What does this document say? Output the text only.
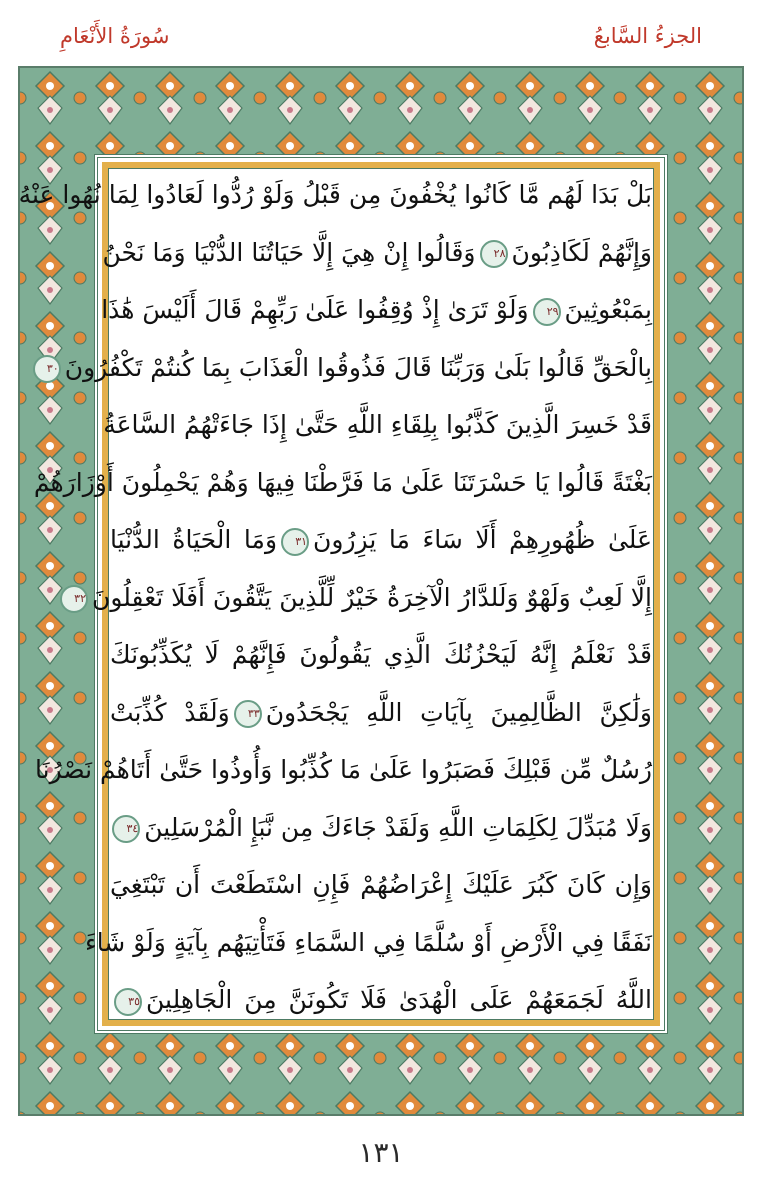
الجزءُ السَّابعُ
سُورَةُ الأَنْعَامِ
بَلْ بَدَا لَهُم مَّا كَانُوا يُخْفُونَ مِن قَبْلُ وَلَوْ رُدُّوا لَعَادُوا لِمَا نُهُوا عَنْهُ
وَإِنَّهُمْ لَكَاذِبُونَ٢٨وَقَالُوا إِنْ هِيَ إِلَّا حَيَاتُنَا الدُّنْيَا وَمَا نَحْنُ
بِمَبْعُوثِينَ٢٩وَلَوْ تَرَىٰ إِذْ وُقِفُوا عَلَىٰ رَبِّهِمْ قَالَ أَلَيْسَ هَٰذَا
بِالْحَقِّ قَالُوا بَلَىٰ وَرَبِّنَا قَالَ فَذُوقُوا الْعَذَابَ بِمَا كُنتُمْ تَكْفُرُونَ٣٠
قَدْ خَسِرَ الَّذِينَ كَذَّبُوا بِلِقَاءِ اللَّهِ حَتَّىٰ إِذَا جَاءَتْهُمُ السَّاعَةُ
بَغْتَةً قَالُوا يَا حَسْرَتَنَا عَلَىٰ مَا فَرَّطْنَا فِيهَا وَهُمْ يَحْمِلُونَ أَوْزَارَهُمْ
عَلَىٰ ظُهُورِهِمْ أَلَا سَاءَ مَا يَزِرُونَ٣١وَمَا الْحَيَاةُ الدُّنْيَا
إِلَّا لَعِبٌ وَلَهْوٌ وَلَلدَّارُ الْآخِرَةُ خَيْرٌ لِّلَّذِينَ يَتَّقُونَ أَفَلَا تَعْقِلُونَ٣٢
قَدْ نَعْلَمُ إِنَّهُ لَيَحْزُنُكَ الَّذِي يَقُولُونَ فَإِنَّهُمْ لَا يُكَذِّبُونَكَ
وَلَٰكِنَّ الظَّالِمِينَ بِآيَاتِ اللَّهِ يَجْحَدُونَ٣٣وَلَقَدْ كُذِّبَتْ
رُسُلٌ مِّن قَبْلِكَ فَصَبَرُوا عَلَىٰ مَا كُذِّبُوا وَأُوذُوا حَتَّىٰ أَتَاهُمْ نَصْرُنَا
وَلَا مُبَدِّلَ لِكَلِمَاتِ اللَّهِ وَلَقَدْ جَاءَكَ مِن نَّبَإِ الْمُرْسَلِينَ٣٤
وَإِن كَانَ كَبُرَ عَلَيْكَ إِعْرَاضُهُمْ فَإِنِ اسْتَطَعْتَ أَن تَبْتَغِيَ
نَفَقًا فِي الْأَرْضِ أَوْ سُلَّمًا فِي السَّمَاءِ فَتَأْتِيَهُم بِآيَةٍ وَلَوْ شَاءَ
اللَّهُ لَجَمَعَهُمْ عَلَى الْهُدَىٰ فَلَا تَكُونَنَّ مِنَ الْجَاهِلِينَ٣٥
١٣١
